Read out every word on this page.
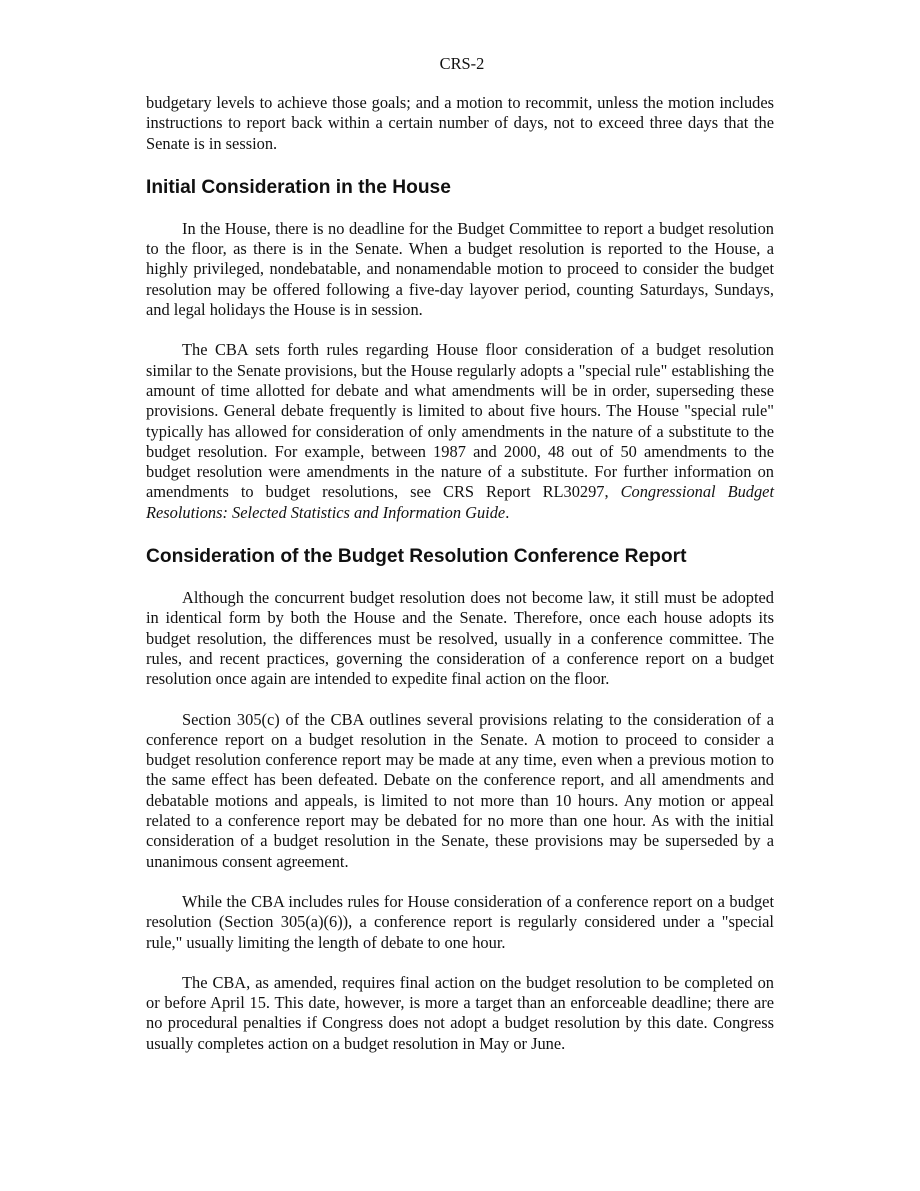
CRS-2

budgetary levels to achieve those goals; and a motion to recommit, unless the motion includes instructions to report back within a certain number of days, not to exceed three days that the Senate is in session.

Initial Consideration in the House

In the House, there is no deadline for the Budget Committee to report a budget resolution to the floor, as there is in the Senate. When a budget resolution is reported to the House, a highly privileged, nondebatable, and nonamendable motion to proceed to consider the budget resolution may be offered following a five-day layover period, counting Saturdays, Sundays, and legal holidays the House is in session.

The CBA sets forth rules regarding House floor consideration of a budget resolution similar to the Senate provisions, but the House regularly adopts a "special rule" establishing the amount of time allotted for debate and what amendments will be in order, superseding these provisions. General debate frequently is limited to about five hours. The House "special rule" typically has allowed for consideration of only amendments in the nature of a substitute to the budget resolution. For example, between 1987 and 2000, 48 out of 50 amendments to the budget resolution were amendments in the nature of a substitute. For further information on amendments to budget resolutions, see CRS Report RL30297, Congressional Budget Resolutions: Selected Statistics and Information Guide.

Consideration of the Budget Resolution Conference Report

Although the concurrent budget resolution does not become law, it still must be adopted in identical form by both the House and the Senate. Therefore, once each house adopts its budget resolution, the differences must be resolved, usually in a conference committee. The rules, and recent practices, governing the consideration of a conference report on a budget resolution once again are intended to expedite final action on the floor.

Section 305(c) of the CBA outlines several provisions relating to the consideration of a conference report on a budget resolution in the Senate. A motion to proceed to consider a budget resolution conference report may be made at any time, even when a previous motion to the same effect has been defeated. Debate on the conference report, and all amendments and debatable motions and appeals, is limited to not more than 10 hours. Any motion or appeal related to a conference report may be debated for no more than one hour. As with the initial consideration of a budget resolution in the Senate, these provisions may be superseded by a unanimous consent agreement.

While the CBA includes rules for House consideration of a conference report on a budget resolution (Section 305(a)(6)), a conference report is regularly considered under a "special rule," usually limiting the length of debate to one hour.

The CBA, as amended, requires final action on the budget resolution to be completed on or before April 15. This date, however, is more a target than an enforceable deadline; there are no procedural penalties if Congress does not adopt a budget resolution by this date. Congress usually completes action on a budget resolution in May or June.
